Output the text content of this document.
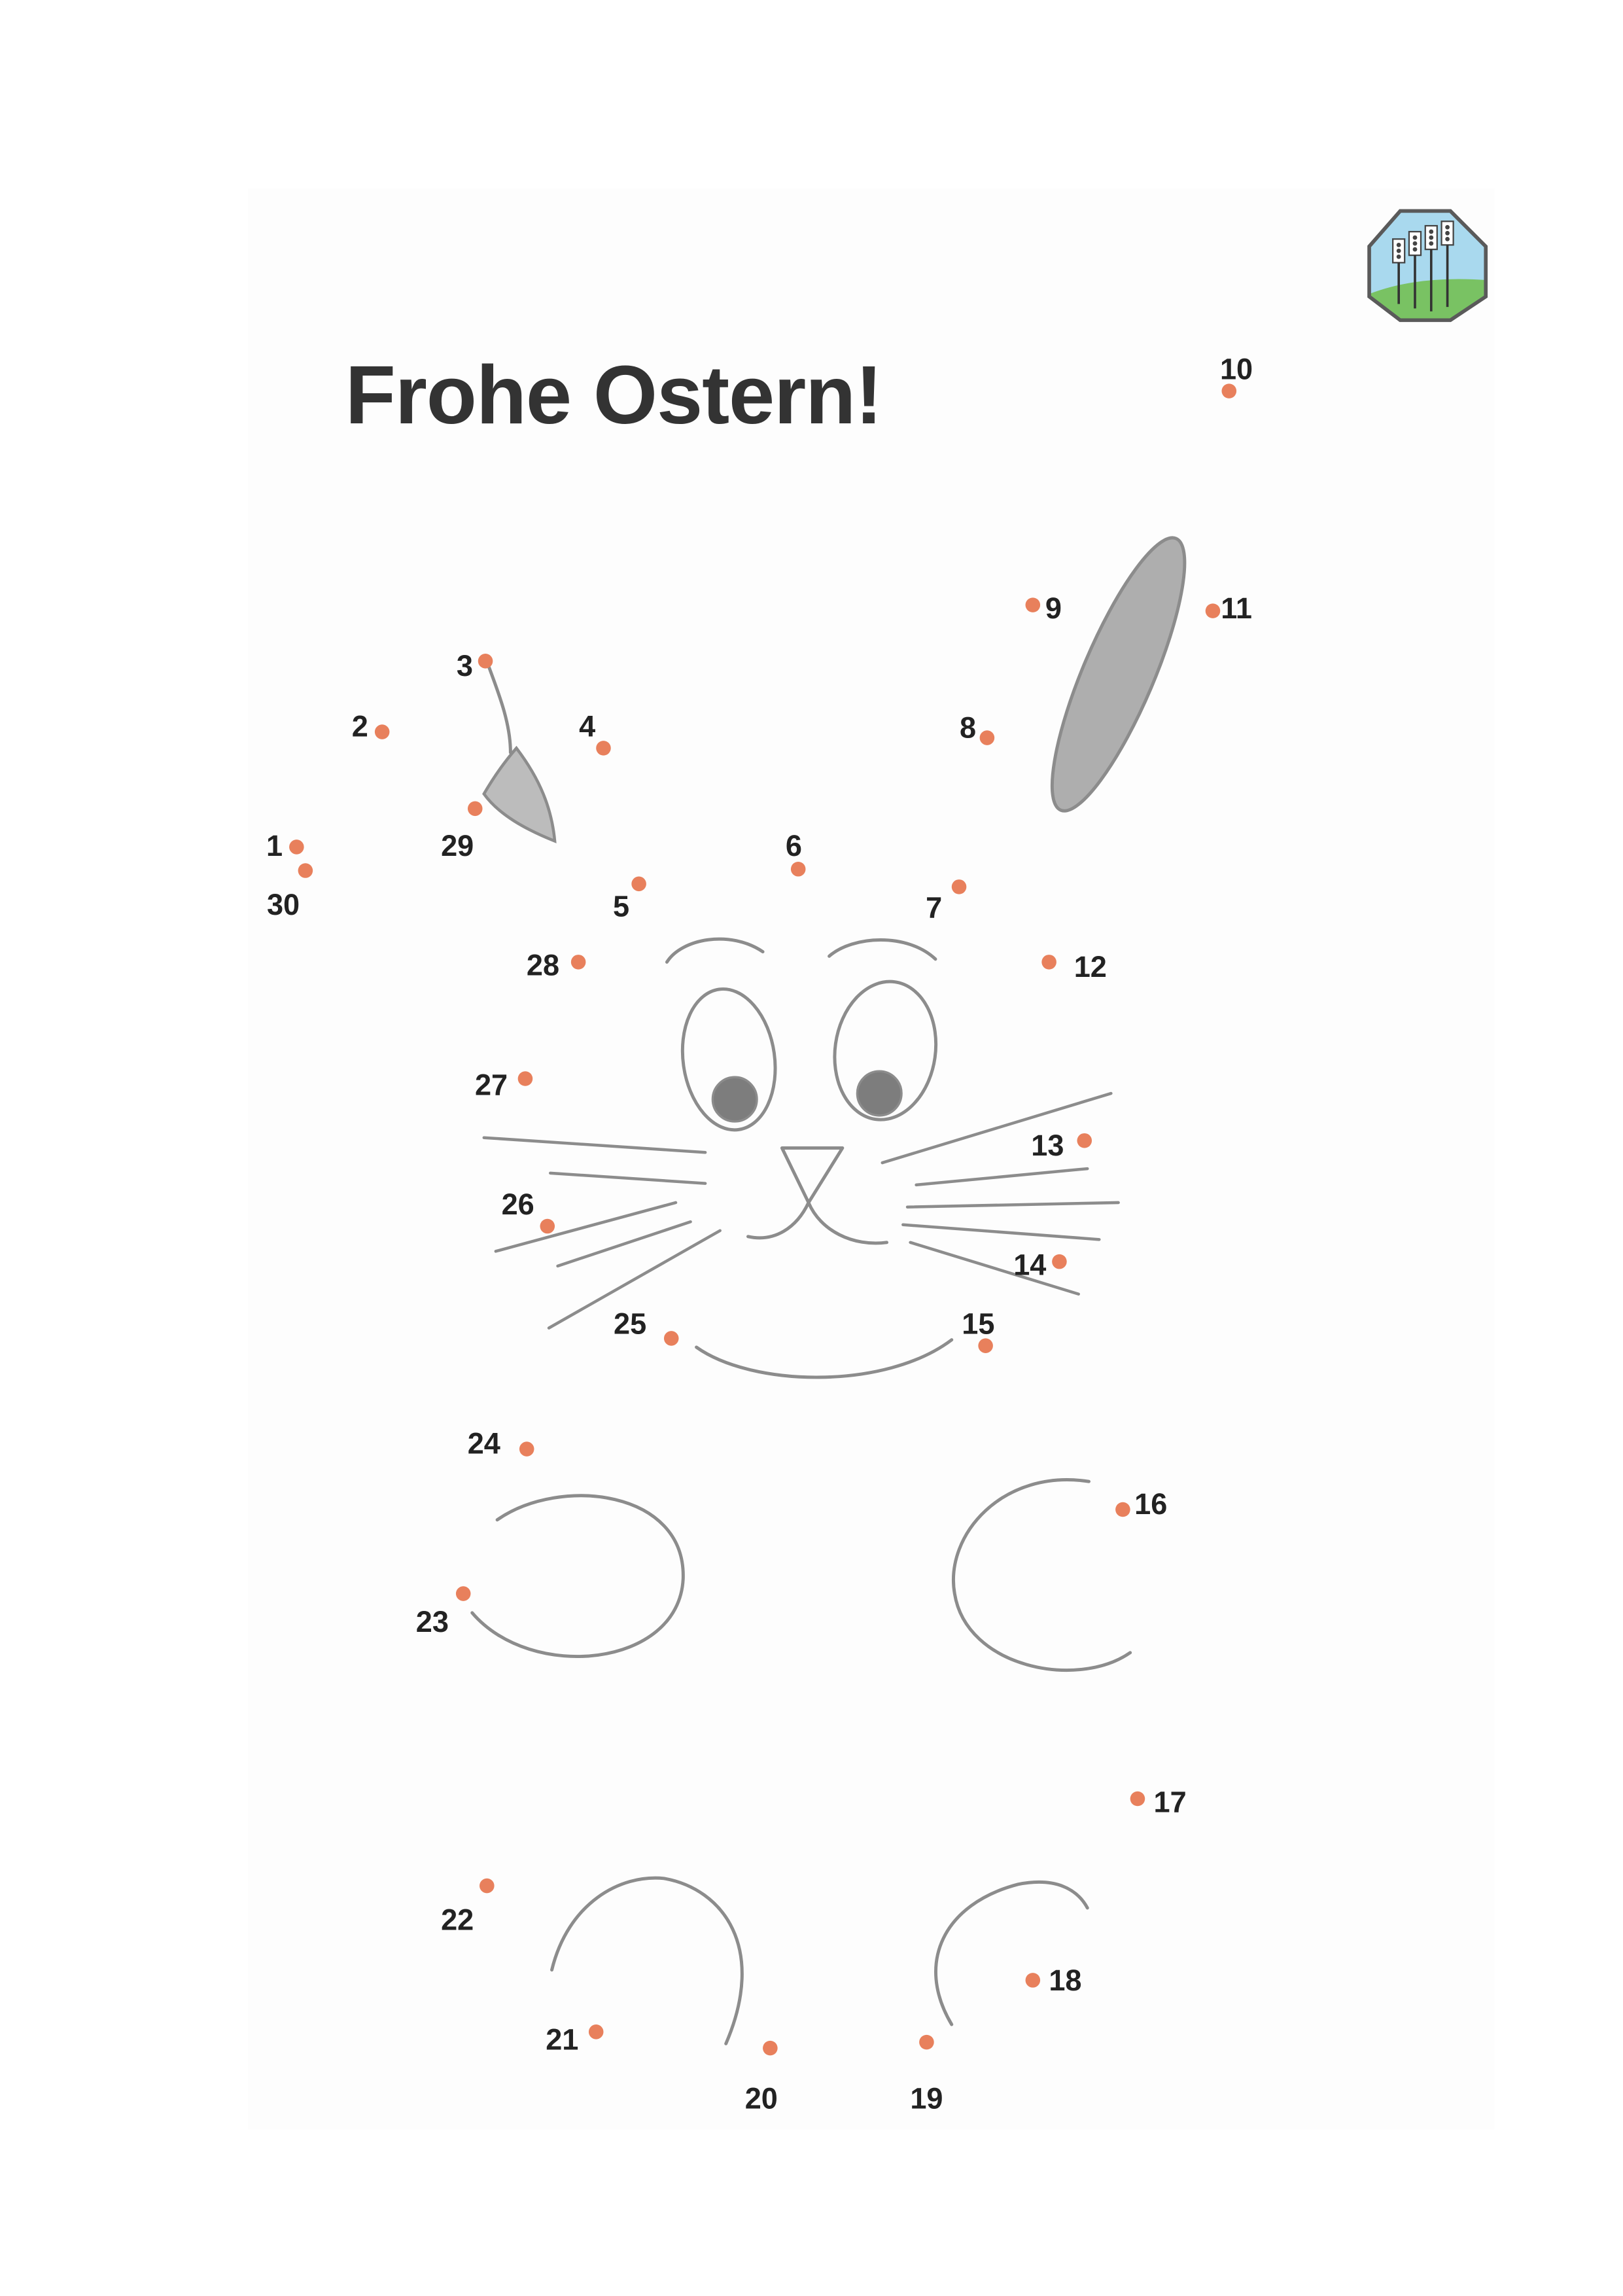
Frohe Ostern!
1
2
3
4
5
6
7
8
9
10
11
12
13
14
15
16
17
18
19
20
21
22
23
24
25
26
27
28
29
30
